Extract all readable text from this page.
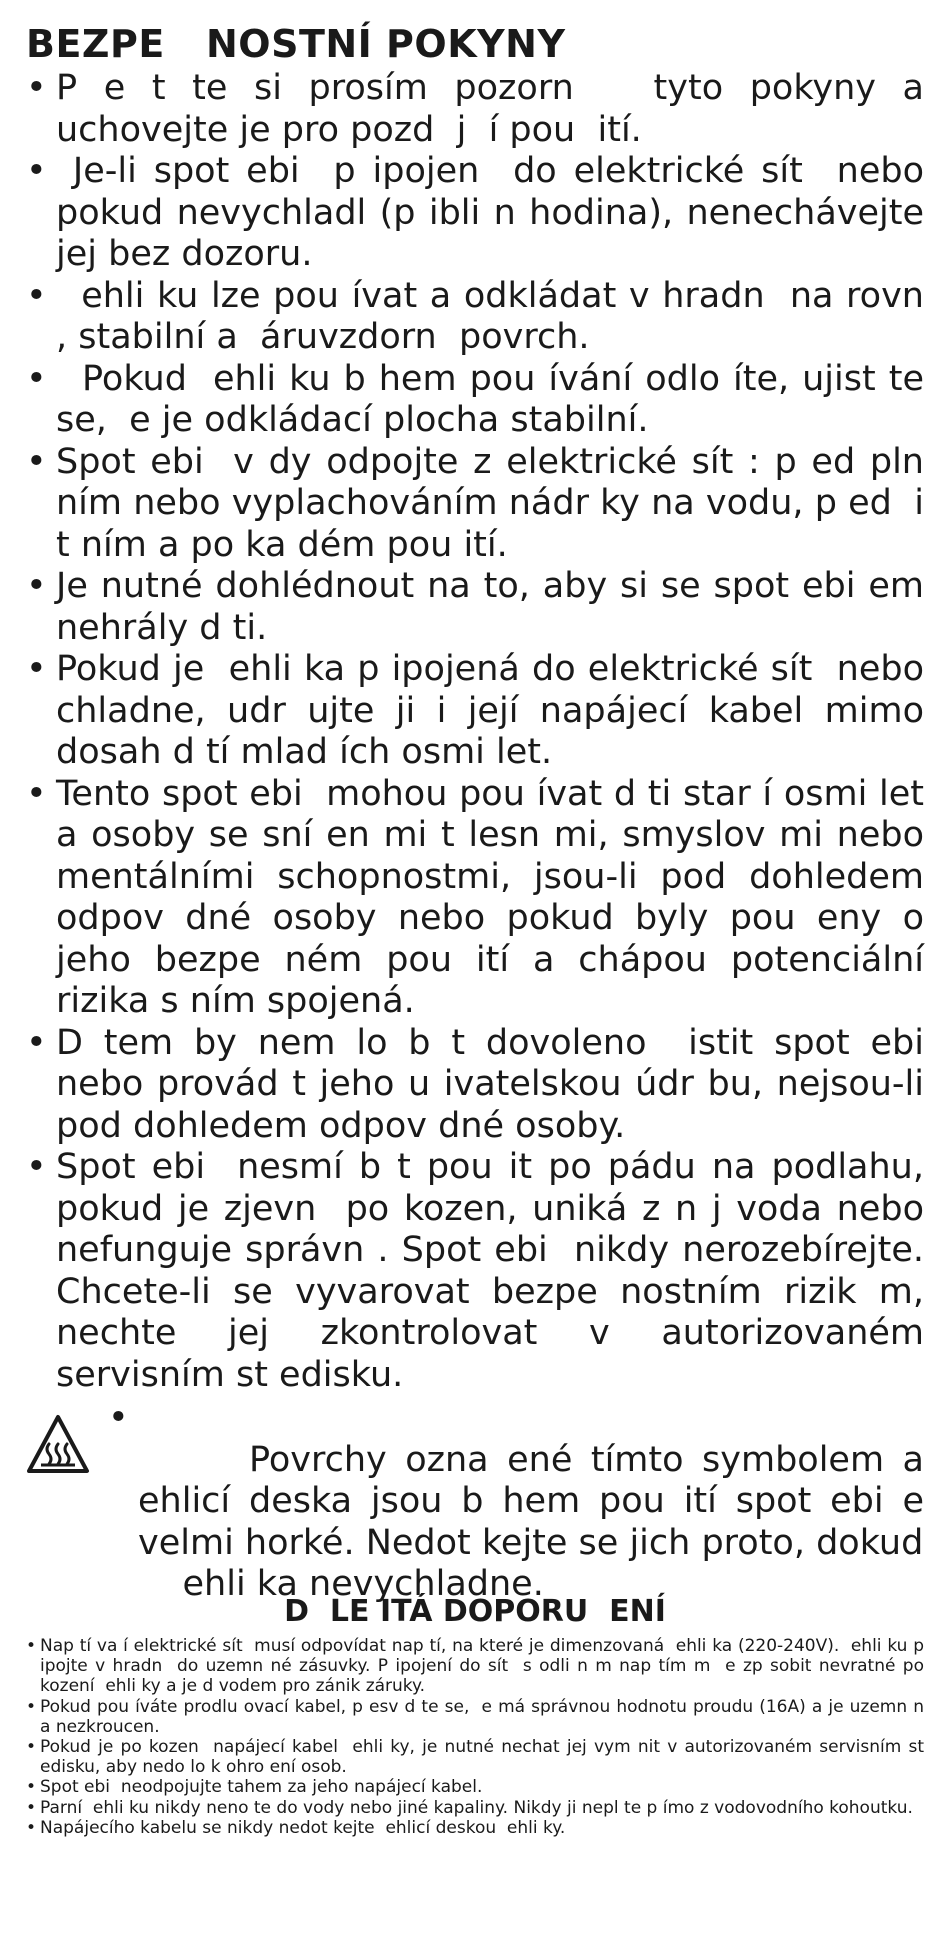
BEZPE   NOSTNÍ POKYNY
• P e t te si prosím pozorn   tyto pokyny a uchovejte je pro pozd  j  í pou  ití.
• Je-li spot ebi  p ipojen  do elektrické sít  nebo pokud nevychladl (p ibli n hodina), nenechávejte jej bez dozoru.
• ehli ku lze pou ívat a odkládat v hradn  na rovn , stabilní a  áruvzdorn  povrch.
• Pokud  ehli ku b hem pou ívání odlo íte, ujist te se,  e je odkládací plocha stabilní.
• Spot ebi  v dy odpojte z elektrické sít : p ed pln ním nebo vyplachováním nádr ky na vodu, p ed  i t ním a po ka dém pou ití.
• Je nutné dohlédnout na to, aby si se spot ebi em nehrály d ti.
• Pokud je  ehli ka p ipojená do elektrické sít  nebo chladne, udr ujte ji i její napájecí kabel mimo dosah d tí mlad ích osmi let.
• Tento spot ebi  mohou pou ívat d ti star í osmi let a osoby se sní en mi t lesn mi, smyslov mi nebo mentálními schopnostmi, jsou-li pod dohledem odpov dné osoby nebo pokud byly pou eny o jeho bezpe ném pou ití a chápou potenciální rizika s ním spojená.
• D tem by nem lo b t dovoleno  istit spot ebi  nebo provád t jeho u ivatelskou údr bu, nejsou-li pod dohledem odpov dné osoby.
• Spot ebi  nesmí b t pou it po pádu na podlahu, pokud je zjevn  po kozen, uniká z n j voda nebo nefunguje správn . Spot ebi  nikdy nerozebírejte. Chcete-li se vyvarovat bezpe nostním rizik m, nechte jej zkontrolovat v autorizovaném servisním st edisku.

•
Povrchy ozna ené tímto symbolem a  ehlicí deska jsou b hem pou ití spot ebi e velmi horké. Nedot kejte se jich proto, dokud
ehli ka nevychladne.

D  LE ITÁ DOPORU  ENÍ
• Nap tí va í elektrické sít  musí odpovídat nap tí, na které je dimenzovaná  ehli ka (220-240V).  ehli ku p ipojte v hradn  do uzemn né zásuvky. P ipojení do sít  s odli n m nap tím m  e zp sobit nevratné po kození  ehli ky a je d vodem pro zánik záruky.
• Pokud pou íváte prodlu ovací kabel, p esv d te se,  e má správnou hodnotu proudu (16A) a je uzemn n a nezkroucen.
• Pokud je po kozen  napájecí kabel  ehli ky, je nutné nechat jej vym nit v autorizovaném servisním st edisku, aby nedo lo k ohro ení osob.
• Spot ebi  neodpojujte tahem za jeho napájecí kabel.
• Parní  ehli ku nikdy neno te do vody nebo jiné kapaliny. Nikdy ji nepl te p ímo z vodovodního kohoutku.
• Napájecího kabelu se nikdy nedot kejte  ehlicí deskou  ehli ky.
